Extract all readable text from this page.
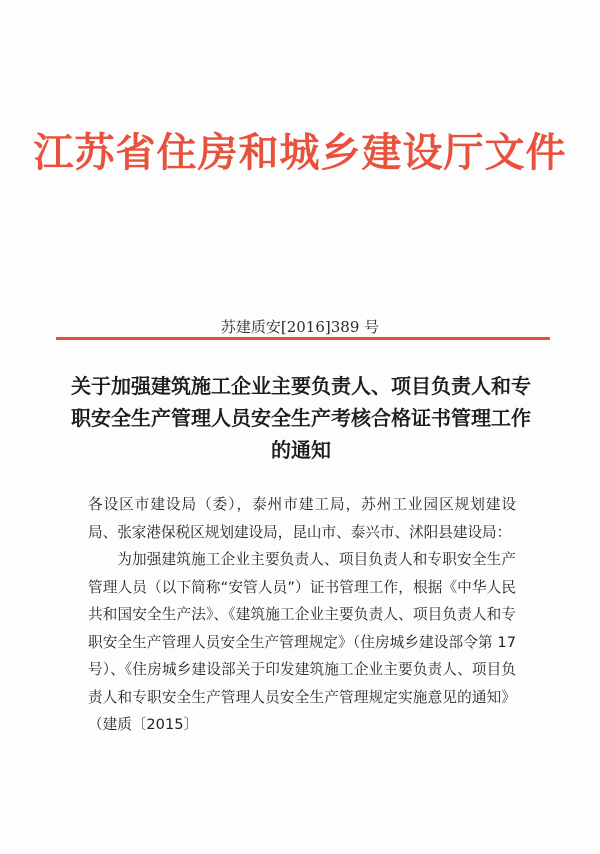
江苏省住房和城乡建设厅文件
苏建质安[2016]389 号
关于加强建筑施工企业主要负责人、项目负责人和专职安全生产管理人员安全生产考核合格证书管理工作的通知

各设区市建设局（委），泰州市建工局，苏州工业园区规划建设局、张家港保税区规划建设局，昆山市、泰兴市、沭阳县建设局：

为加强建筑施工企业主要负责人、项目负责人和专职安全生产管理人员（以下简称“安管人员”）证书管理工作，根据《中华人民共和国安全生产法》、《建筑施工企业主要负责人、项目负责人和专职安全生产管理人员安全生产管理规定》（住房城乡建设部令第 17 号）、《住房城乡建设部关于印发建筑施工企业主要负责人、项目负责人和专职安全生产管理人员安全生产管理规定实施意见的通知》（建质〔2015〕
